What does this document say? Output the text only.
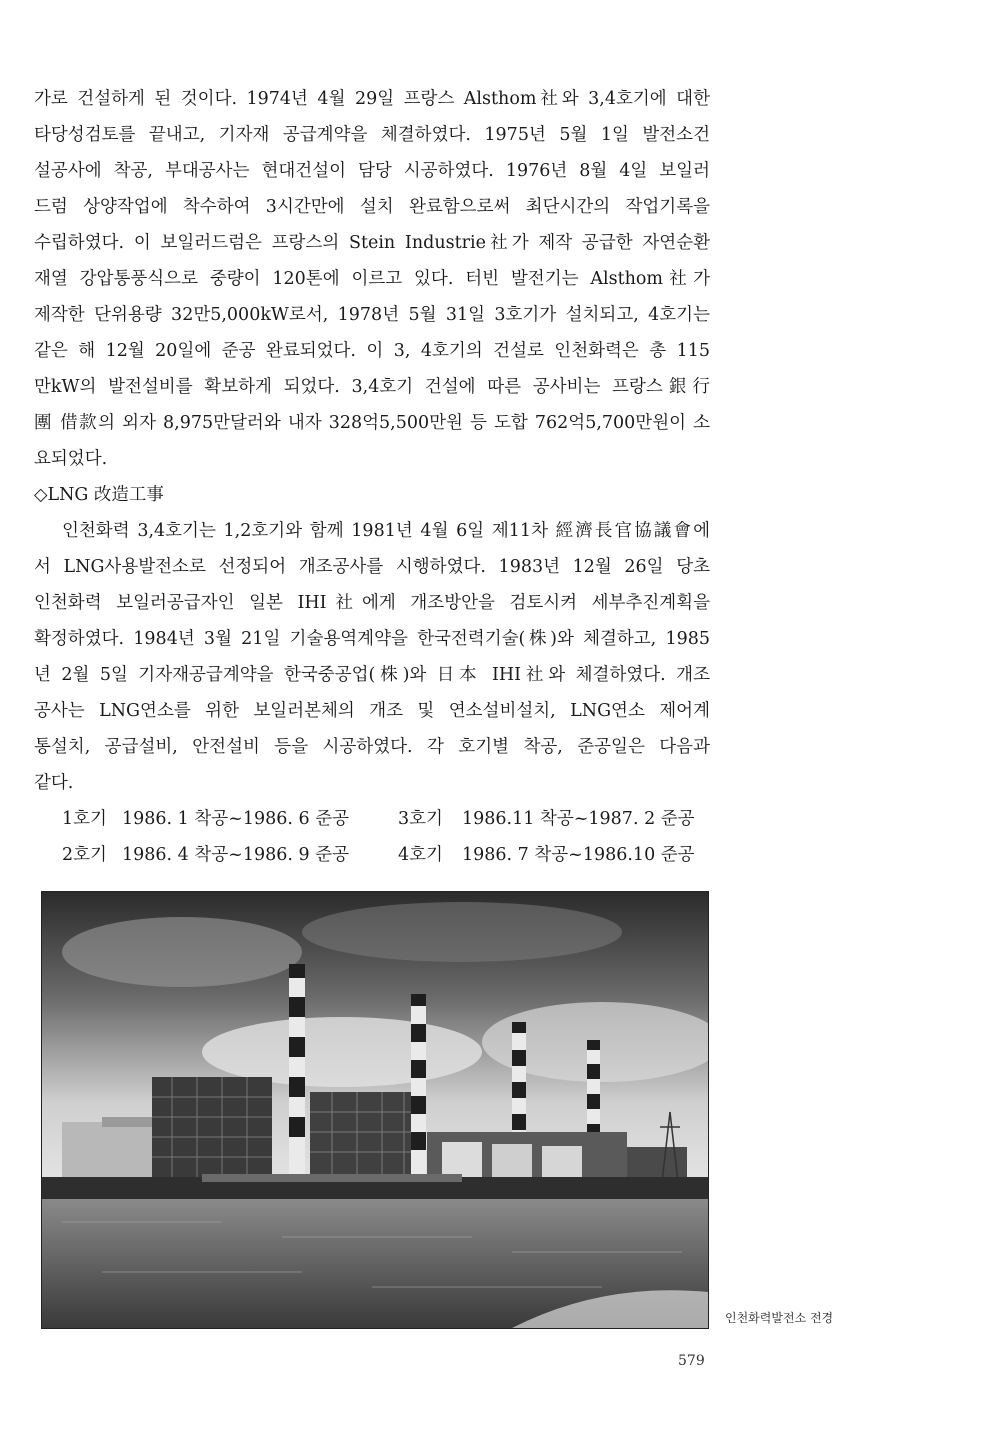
가로 건설하게 된 것이다. 1974년 4월 29일 프랑스 Alsthom社와 3,4호기에 대한
타당성검토를 끝내고, 기자재 공급계약을 체결하였다. 1975년 5월 1일 발전소건
설공사에 착공, 부대공사는 현대건설이 담당 시공하였다. 1976년 8월 4일 보일러
드럼 상양작업에 착수하여 3시간만에 설치 완료함으로써 최단시간의 작업기록을
수립하였다. 이 보일러드럼은 프랑스의 Stein Industrie社가 제작 공급한 자연순환
재열 강압통풍식으로 중량이 120톤에 이르고 있다. 터빈 발전기는 Alsthom社가
제작한 단위용량 32만5,000kW로서, 1978년 5월 31일 3호기가 설치되고, 4호기는
같은 해 12월 20일에 준공 완료되었다. 이 3, 4호기의 건설로 인천화력은 총 115
만kW의 발전설비를 확보하게 되었다. 3,4호기 건설에 따른 공사비는 프랑스銀行
團 借款의 외자 8,975만달러와 내자 328억5,500만원 등 도합 762억5,700만원이 소
요되었다.
◇LNG 改造工事
인천화력 3,4호기는 1,2호기와 함께 1981년 4월 6일 제11차 經濟長官協議會에
서 LNG사용발전소로 선정되어 개조공사를 시행하였다. 1983년 12월 26일 당초
인천화력 보일러공급자인 일본 IHI社에게 개조방안을 검토시켜 세부추진계획을
확정하였다. 1984년 3월 21일 기술용역계약을 한국전력기술(株)와 체결하고, 1985
년 2월 5일 기자재공급계약을 한국중공업(株)와 日本 IHI社와 체결하였다. 개조
공사는 LNG연소를 위한 보일러본체의 개조 및 연소설비설치, LNG연소 제어계
통설치, 공급설비, 안전설비 등을 시공하였다. 각 호기별 착공, 준공일은 다음과
같다.
1호기 1986. 1 착공~1986. 6 준공	3호기 1986.11 착공~1987. 2 준공
2호기 1986. 4 착공~1986. 9 준공	4호기 1986. 7 착공~1986.10 준공
인천화력발전소 전경
579
